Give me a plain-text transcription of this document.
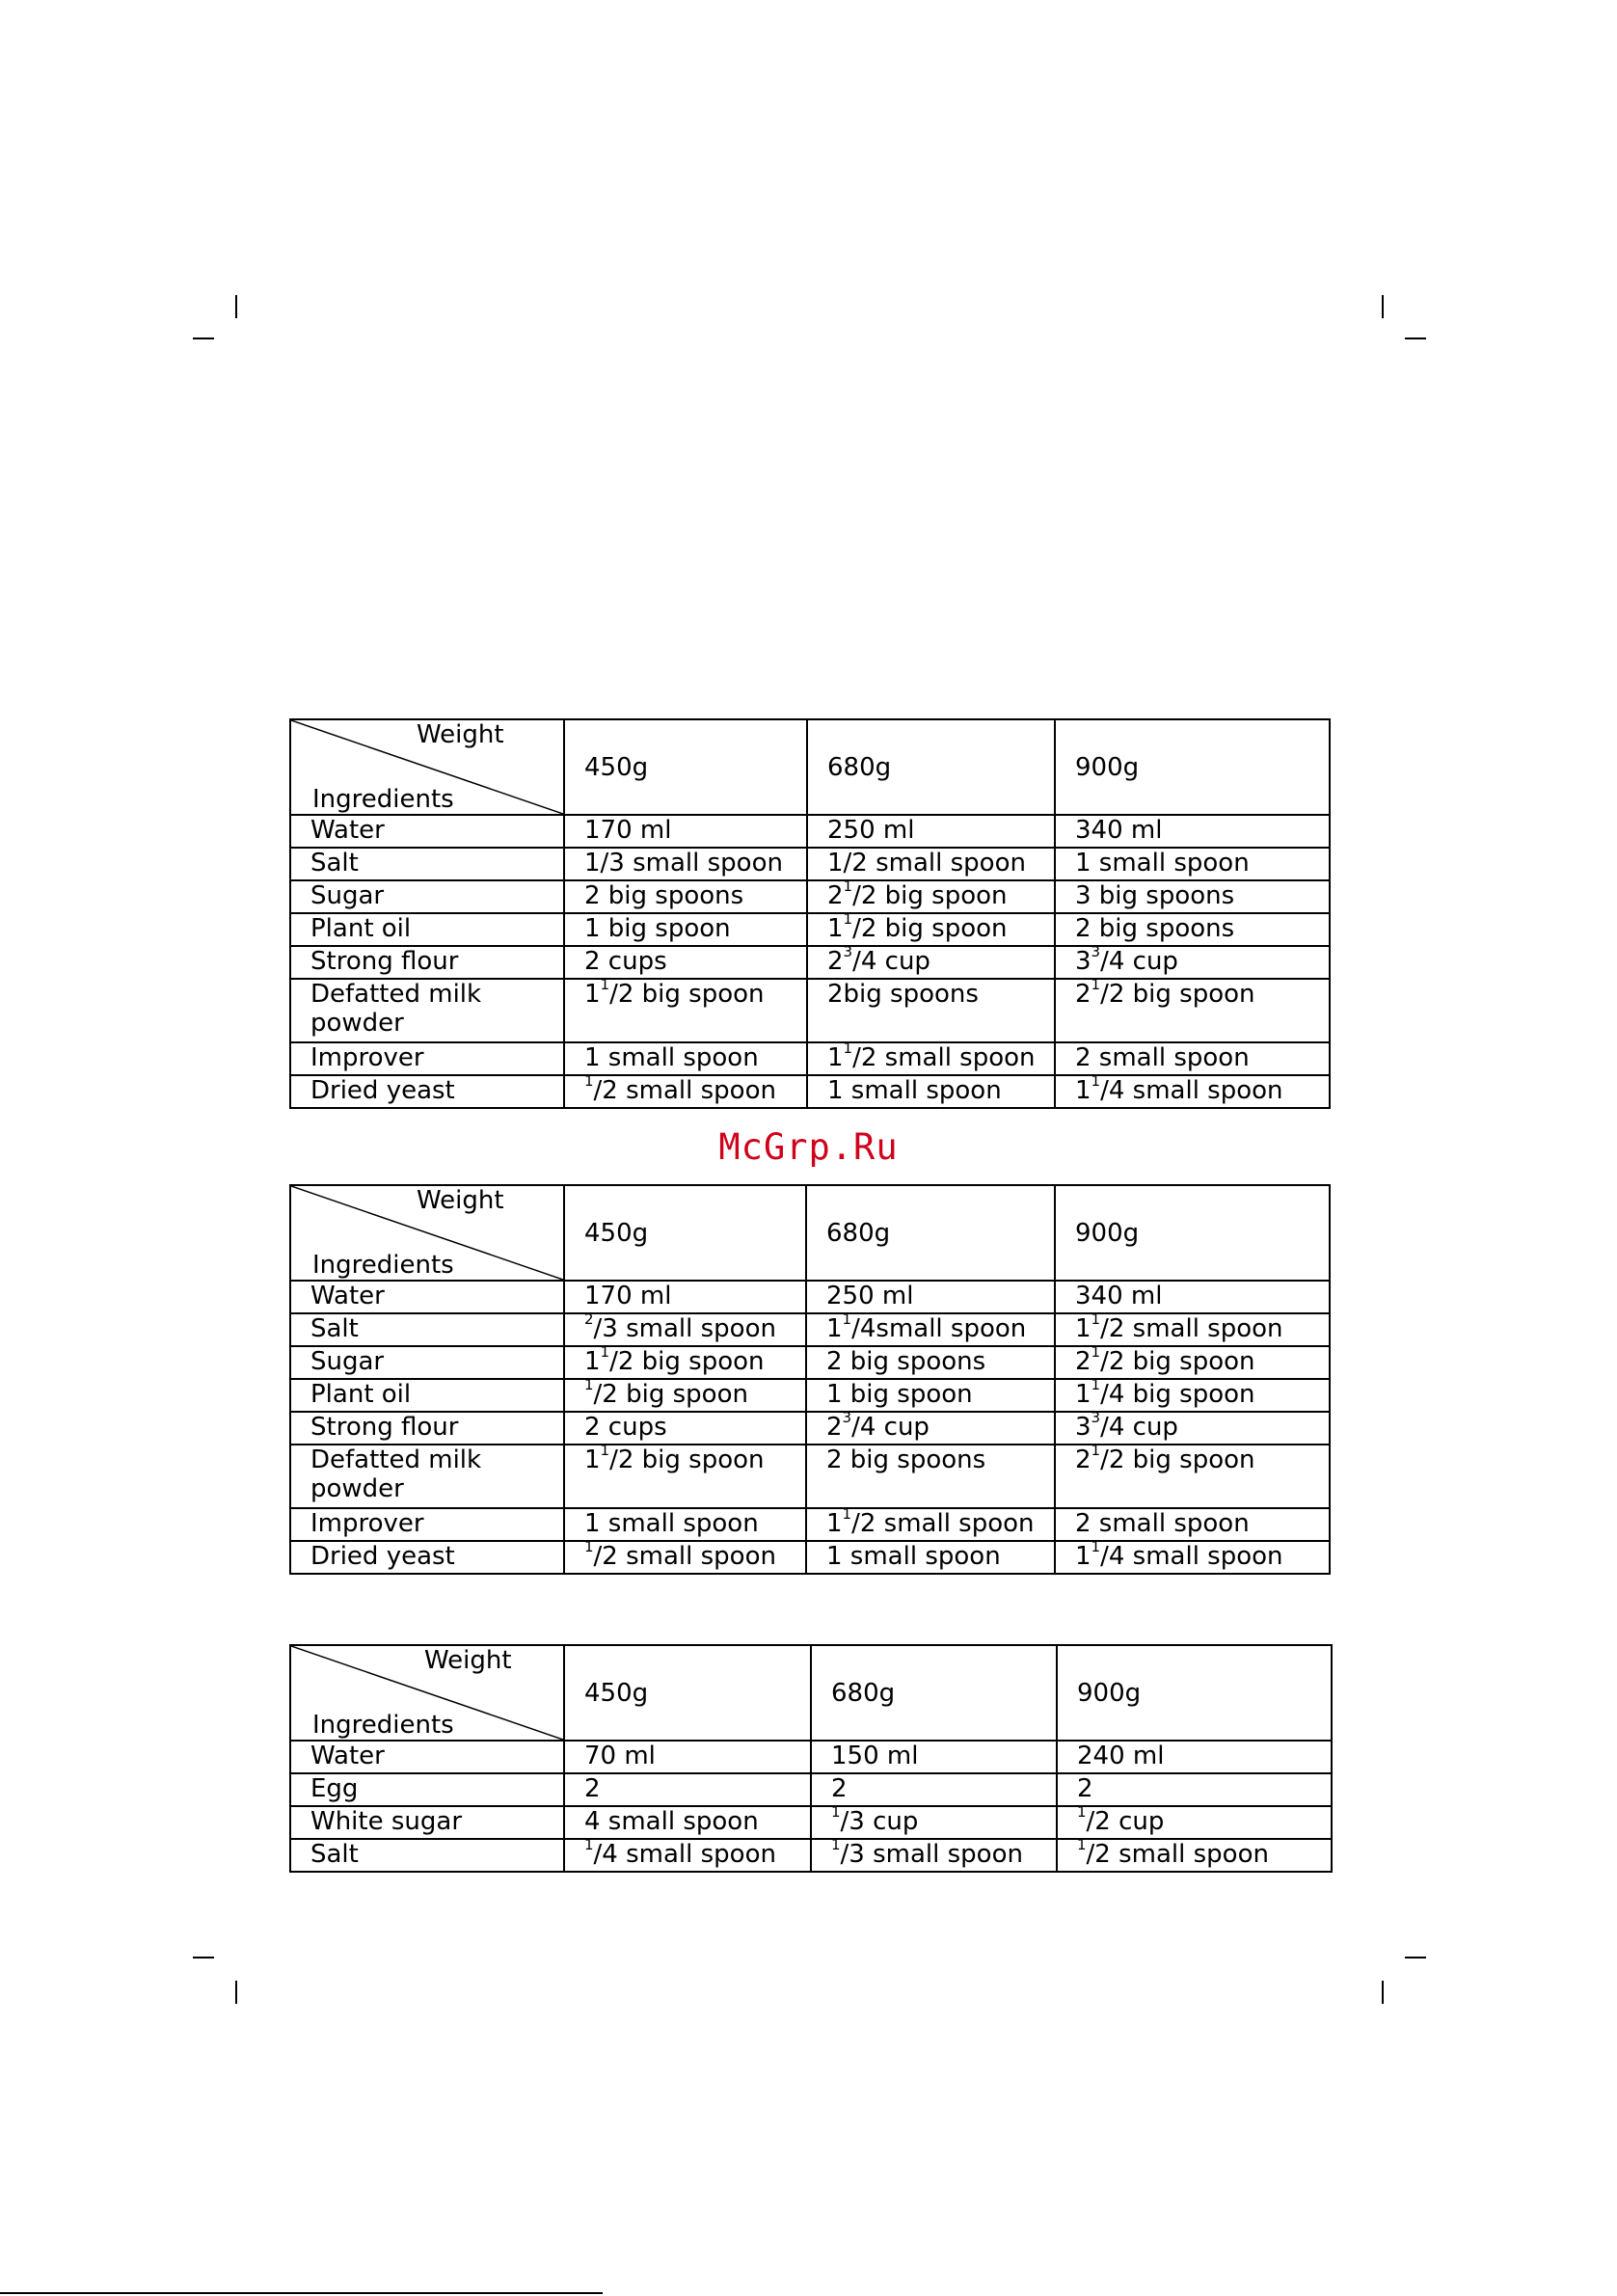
McGrp.Ru
Weight
Ingredients	450g	680g	900g

Water	170 ml	250 ml	340 ml

Salt	1/3 small spoon	1/2 small spoon	1 small spoon

Sugar	2 big spoons	$2^1/2$ big spoon	3 big spoons

Plant oil	1 big spoon	$1^1/2$ big spoon	2 big spoons

Strong flour	2 cups	$2^3/4$ cup	$3^3/4$ cup

Defatted milk
powder	$1^1/2$ big spoon	2big spoons	$2^1/2$ big spoon

Improver	1 small spoon	$1^1/2$ small spoon	2 small spoon

Dried yeast	$^1$/2 small spoon	1 small spoon	$1^1/4$ small spoon
Weight
Ingredients	450g	680g	900g

Water	170 ml	250 ml	340 ml

Salt	$^2$/3 small spoon	$1^1/4small$ spoon	$1^1/2$ small spoon

Sugar	$1^1/2$ big spoon	2 big spoons	$2^1/2$ big spoon

Plant oil	$^1$/2 big spoon	1 big spoon	$1^1/4$ big spoon

Strong flour	2 cups	$2^3/4$ cup	$3^3/4$ cup

Defatted milk
powder	$1^1/2$ big spoon	2 big spoons	$2^1/2$ big spoon

Improver	1 small spoon	$1^1/2$ small spoon	2 small spoon

Dried yeast	$^1$/2 small spoon	1 small spoon	$1^1/4$ small spoon
Weight
Ingredients	450g	680g	900g

Water	70 ml	150 ml	240 ml

Egg	2	2	2

White sugar	4 small spoon	$^1$/3 cup	$^1$/2 cup

Salt	$^1$/4 small spoon	$^1$/3 small spoon	$^1$/2 small spoon
